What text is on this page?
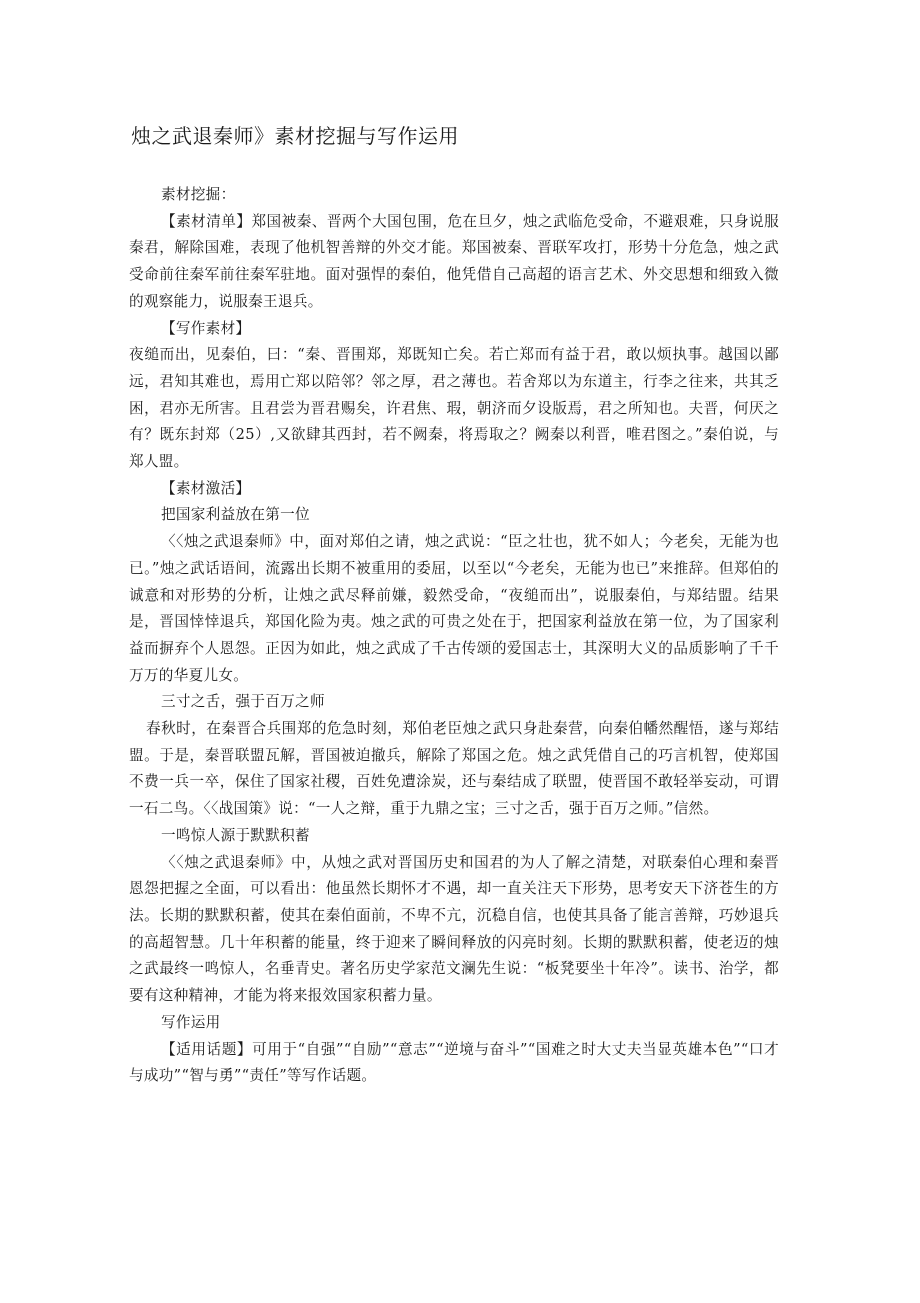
烛之武退秦师》素材挖掘与写作运用

素材挖掘：

【素材清单】郑国被秦、晋两个大国包围，危在旦夕，烛之武临危受命，不避艰难，只身说服秦君，解除国难，表现了他机智善辩的外交才能。郑国被秦、晋联军攻打，形势十分危急，烛之武受命前往秦军前往秦军驻地。面对强悍的秦伯，他凭借自己高超的语言艺术、外交思想和细致入微的观察能力，说服秦王退兵。

【写作素材】

夜缒而出，见秦伯，曰：“秦、晋围郑，郑既知亡矣。若亡郑而有益于君，敢以烦执事。越国以鄙远，君知其难也，焉用亡郑以陪邻？邻之厚，君之薄也。若舍郑以为东道主，行李之往来，共其乏困，君亦无所害。且君尝为晋君赐矣，许君焦、瑕，朝济而夕设版焉，君之所知也。夫晋，何厌之有？既东封郑（25）,又欲肆其西封，若不阙秦，将焉取之？阙秦以利晋，唯君图之。”秦伯说，与郑人盟。

【素材激活】

把国家利益放在第一位

〈〈烛之武退秦师》中，面对郑伯之请，烛之武说：“臣之壮也，犹不如人；今老矣，无能为也已。”烛之武话语间，流露出长期不被重用的委屈，以至以“今老矣，无能为也已”来推辞。但郑伯的诚意和对形势的分析，让烛之武尽释前嫌，毅然受命，“夜缒而出”，说服秦伯，与郑结盟。结果是，晋国悻悻退兵，郑国化险为夷。烛之武的可贵之处在于，把国家利益放在第一位，为了国家利益而摒弃个人恩怨。正因为如此，烛之武成了千古传颂的爱国志士，其深明大义的品质影响了千千万万的华夏儿女。

三寸之舌，强于百万之师

春秋时，在秦晋合兵围郑的危急时刻，郑伯老臣烛之武只身赴秦营，向秦伯幡然醒悟，遂与郑结盟。于是，秦晋联盟瓦解，晋国被迫撤兵，解除了郑国之危。烛之武凭借自己的巧言机智，使郑国不费一兵一卒，保住了国家社稷，百姓免遭涂炭，还与秦结成了联盟，使晋国不敢轻举妄动，可谓一石二鸟。〈〈战国策》说：“一人之辩，重于九鼎之宝；三寸之舌，强于百万之师。”信然。

一鸣惊人源于默默积蓄

〈〈烛之武退秦师》中，从烛之武对晋国历史和国君的为人了解之清楚，对联秦伯心理和秦晋恩怨把握之全面，可以看出：他虽然长期怀才不遇，却一直关注天下形势，思考安天下济苍生的方法。长期的默默积蓄，使其在秦伯面前，不卑不亢，沉稳自信，也使其具备了能言善辩，巧妙退兵的高超智慧。几十年积蓄的能量，终于迎来了瞬间释放的闪亮时刻。长期的默默积蓄，使老迈的烛之武最终一鸣惊人，名垂青史。著名历史学家范文澜先生说：“板凳要坐十年冷”。读书、治学，都要有这种精神，才能为将来报效国家积蓄力量。

写作运用

【适用话题】可用于“自强”“自励”“意志”“逆境与奋斗”“国难之时大丈夫当显英雄本色”“口才与成功”“智与勇”“责任”等写作话题。
